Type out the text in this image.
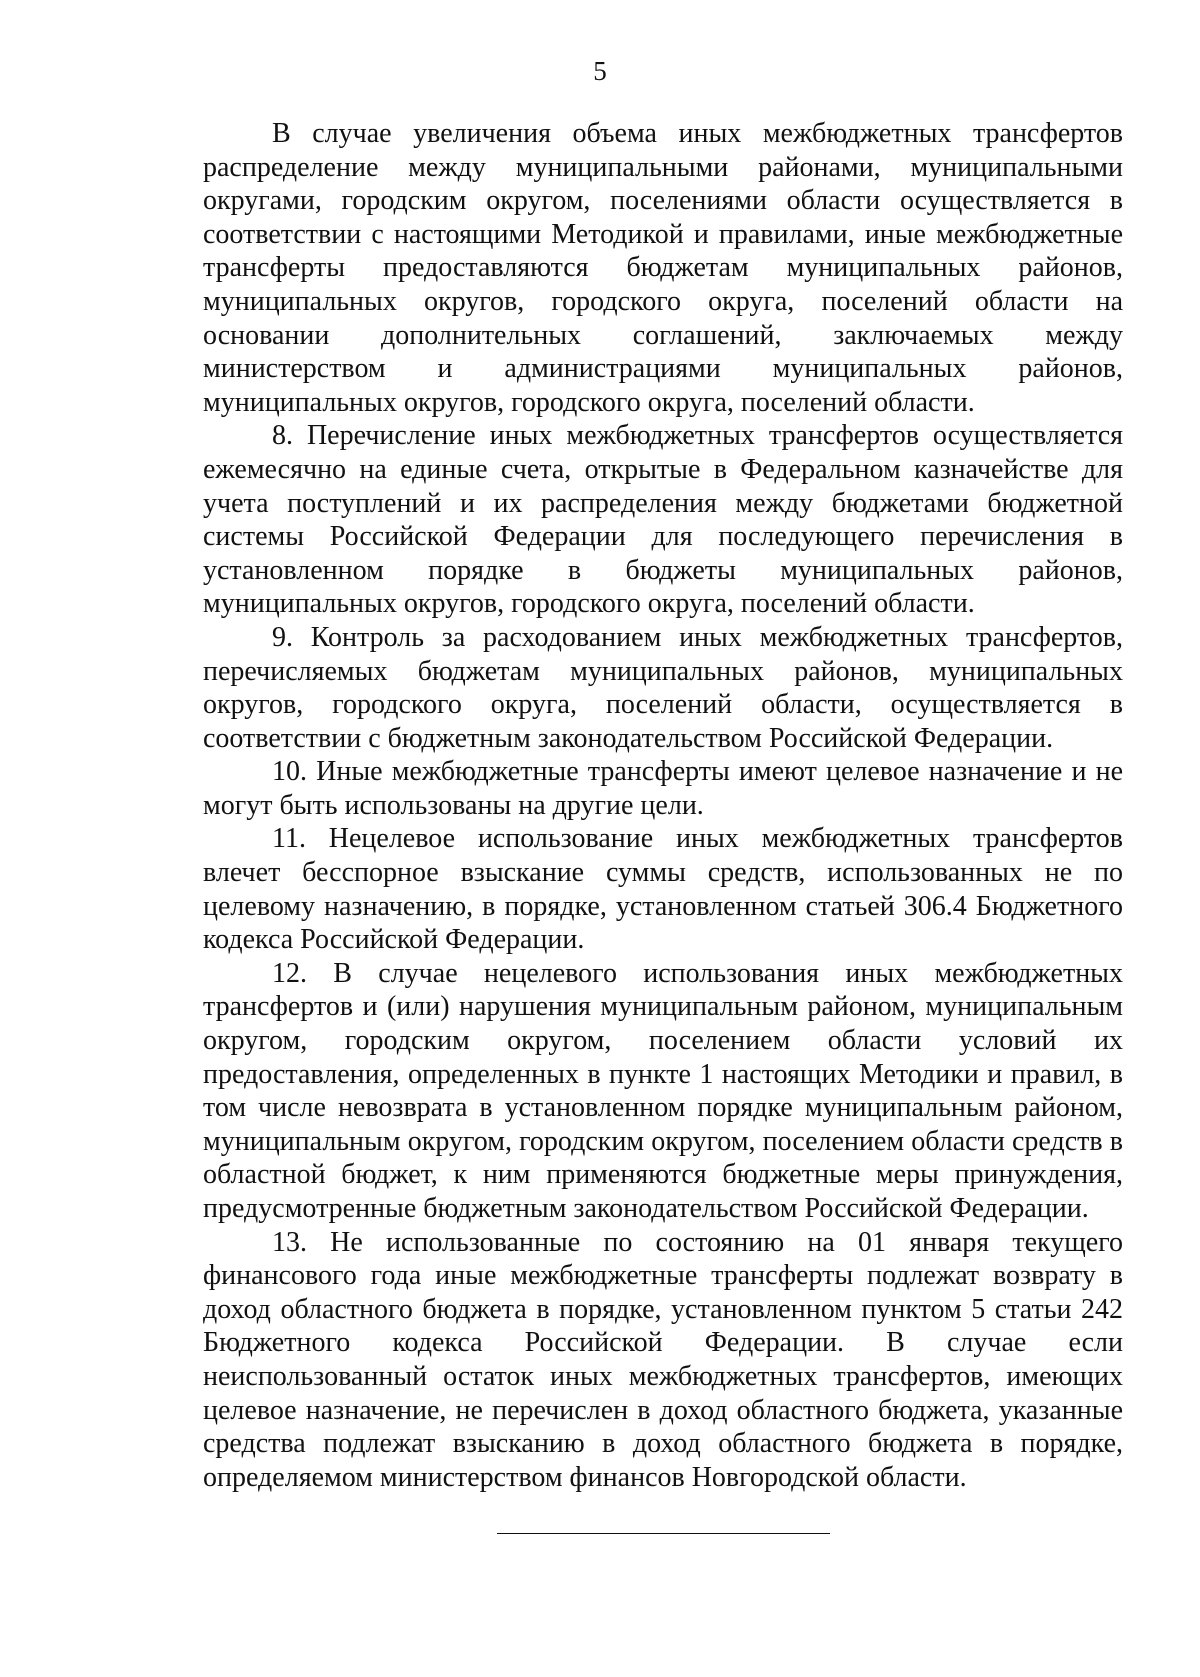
5

В случае увеличения объема иных межбюджетных трансфертов распределение между муниципальными районами, муниципальными округами, городским округом, поселениями области осуществляется в соответствии с настоящими Методикой и правилами, иные межбюджетные трансферты предоставляются бюджетам муниципальных районов, муниципальных округов, городского округа, поселений области на основании дополнительных соглашений, заключаемых между министерством и администрациями муниципальных районов, муниципальных округов, городского округа, поселений области.

8. Перечисление иных межбюджетных трансфертов осуществляется ежемесячно на единые счета, открытые в Федеральном казначействе для учета поступлений и их распределения между бюджетами бюджетной системы Российской Федерации для последующего перечисления в установленном порядке в бюджеты муниципальных районов, муниципальных округов, городского округа, поселений области.

9. Контроль за расходованием иных межбюджетных трансфертов, перечисляемых бюджетам муниципальных районов, муниципальных округов, городского округа, поселений области, осуществляется в соответствии с бюджетным законодательством Российской Федерации.

10. Иные межбюджетные трансферты имеют целевое назначение и не могут быть использованы на другие цели.

11. Нецелевое использование иных межбюджетных трансфертов влечет бесспорное взыскание суммы средств, использованных не по целевому назначению, в порядке, установленном статьей 306.4 Бюджетного кодекса Российской Федерации.

12. В случае нецелевого использования иных межбюджетных трансфертов и (или) нарушения муниципальным районом, муниципальным округом, городским округом, поселением области условий их предоставления, определенных в пункте 1 настоящих Методики и правил, в том числе невозврата в установленном порядке муниципальным районом, муниципальным округом, городским округом, поселением области средств в областной бюджет, к ним применяются бюджетные меры принуждения, предусмотренные бюджетным законодательством Российской Федерации.

13. Не использованные по состоянию на 01 января текущего финансового года иные межбюджетные трансферты подлежат возврату в доход областного бюджета в порядке, установленном пунктом 5 статьи 242 Бюджетного кодекса Российской Федерации. В случае если неиспользованный остаток иных межбюджетных трансфертов, имеющих целевое назначение, не перечислен в доход областного бюджета, указанные средства подлежат взысканию в доход областного бюджета в порядке, определяемом министерством финансов Новгородской области.
